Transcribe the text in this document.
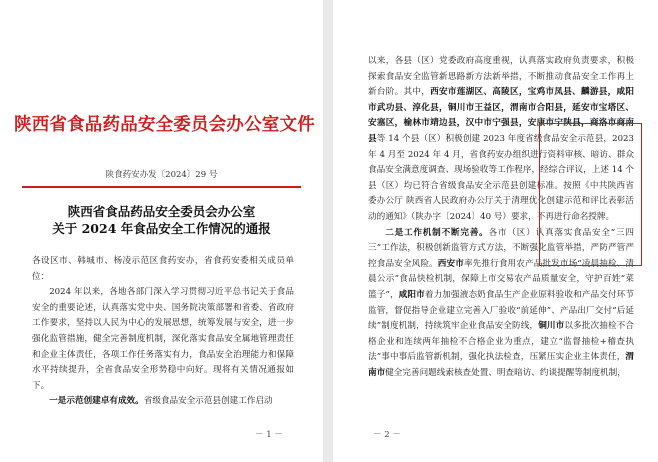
陕西省食品药品安全委员会办公室文件
陕食药安办发〔2024〕29 号
陕西省食品药品安全委员会办公室
关于 2024 年食品安全工作情况的通报

各设区市、韩城市、杨凌示范区食药安办，省食药安委相关成员单位：

2024 年以来，各地各部门深入学习贯彻习近平总书记关于食品安全的重要论述，认真落实党中央、国务院决策部署和省委、省政府工作要求，坚持以人民为中心的发展思想，统筹发展与安全，进一步强化监管措施，健全完善制度机制，深化落实食品安全属地管理责任和企业主体责任，各项工作任务落实有力，食品安全治理能力和保障水平持续提升，全省食品安全形势稳中向好。现将有关情况通报如下。

一是示范创建卓有成效。省级食品安全示范县创建工作启动

－ 1 －

以来，各县（区）党委政府高度重视，认真落实政府负责要求，积极探索食品安全监管新思路新方法新举措，不断推动食品安全工作再上新台阶。其中，西安市莲湖区、高陵区，宝鸡市凤县、麟游县，咸阳市武功县、淳化县，铜川市王益区，渭南市合阳县，延安市宝塔区、安塞区，榆林市靖边县，汉中市宁强县，安康市宁陕县，商洛市商南县等 14 个县（区）积极创建 2023 年度省级食品安全示范县，2023 年 4 月至 2024 年 4 月，省食药安办组织进行资料审核、暗访、群众食品安全满意度调查、现场验收等工作程序，经综合评议，上述 14 个县（区）均已符合省级食品安全示范县创建标准。按照《中共陕西省委办公厅 陕西省人民政府办公厅关于清理优化创建示范和评比表彰活动的通知》（陕办字〔2024〕40 号）要求，不再进行命名授牌。

二是工作机制不断完善。各市（区）认真落实食品安全“三四三”工作法，积极创新监管方式方法，不断强化监管举措，严防严管严控食品安全风险。西安市率先推行食用农产品批发市场“凌晨抽检、清晨公示”食品快检机制，保障上市交易农产品质量安全，守护百姓“菜篮子”，咸阳市着力加强液态奶食品生产企业原料验收和产品交付环节监管，督促指导企业建立完善入厂验收“前延伸”、产品出厂交付“后延续”制度机制，持续筑牢企业食品安全防线，铜川市以多批次抽检不合格企业和连续两年抽检不合格企业为重点，建立“监督抽检+稽查执法”事中事后监管新机制，强化执法检查，压紧压实企业主体责任，渭南市健全完善问题线索核查处置、明查暗访、约谈提醒等制度机制，

－ 2 －
